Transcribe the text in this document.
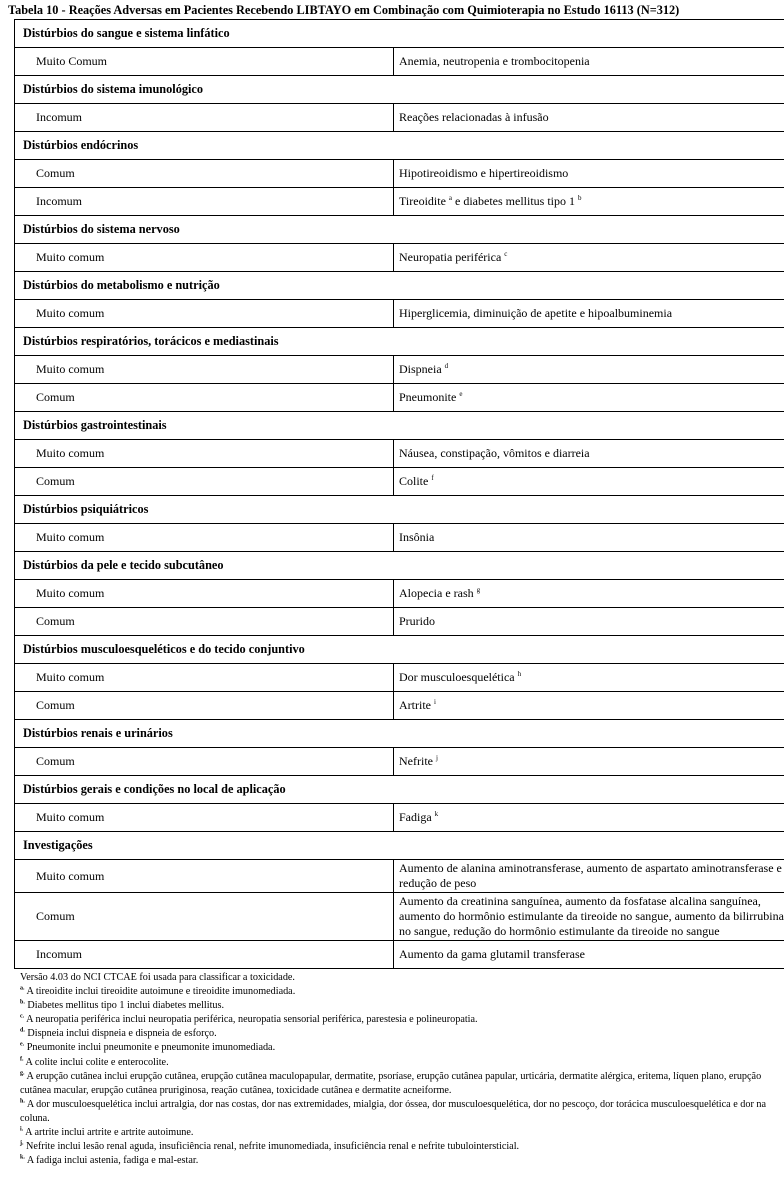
Tabela 10 - Reações Adversas em Pacientes Recebendo LIBTAYO em Combinação com Quimioterapia no Estudo 16113 (N=312)
Distúrbios do sangue e sistema linfático	
Muito Comum	Anemia, neutropenia e trombocitopenia
Distúrbios do sistema imunológico	
Incomum	Reações relacionadas à infusão
Distúrbios endócrinos	
Comum	Hipotireoidismo e hipertireoidismo
Incomum	Tireoidite $^a$ e diabetes mellitus tipo 1 $^b$
Distúrbios do sistema nervoso	
Muito comum	Neuropatia periférica $^c$
Distúrbios do metabolismo e nutrição	
Muito comum	Hiperglicemia, diminuição de apetite e hipoalbuminemia
Distúrbios respiratórios, torácicos e mediastinais	
Muito comum	Dispneia $^d$
Comum	Pneumonite $^e$
Distúrbios gastrointestinais	
Muito comum	Náusea, constipação, vômitos e diarreia
Comum	Colite $^f$
Distúrbios psiquiátricos	
Muito comum	Insônia
Distúrbios da pele e tecido subcutâneo	
Muito comum	Alopecia e rash $^g$
Comum	Prurido
Distúrbios musculoesqueléticos e do tecido conjuntivo	
Muito comum	Dor musculoesquelética $^h$
Comum	Artrite $^i$
Distúrbios renais e urinários	
Comum	Nefrite $^j$
Distúrbios gerais e condições no local de aplicação	
Muito comum	Fadiga $^k$
Investigações	
Muito comum	Aumento de alanina aminotransferase, aumento de aspartato aminotransferase e redução de peso
Comum	Aumento da creatinina sanguínea, aumento da fosfatase alcalina sanguínea, aumento do hormônio estimulante da tireoide no sangue, aumento da bilirrubina no sangue, redução do hormônio estimulante da tireoide no sangue
Incomum	Aumento da gama glutamil transferase
Versão 4.03 do NCI CTCAE foi usada para classificar a toxicidade.
$^{a.}$ A tireoidite inclui tireoidite autoimune e tireoidite imunomediada.
$^{b.}$ Diabetes mellitus tipo 1 inclui diabetes mellitus.
$^{c.}$ A neuropatia periférica inclui neuropatia periférica, neuropatia sensorial periférica, parestesia e polineuropatia.
$^{d.}$ Dispneia inclui dispneia e dispneia de esforço.
$^{e.}$ Pneumonite inclui pneumonite e pneumonite imunomediada.
$^{f.}$ A colite inclui colite e enterocolite.
$^{g.}$ A erupção cutânea inclui erupção cutânea, erupção cutânea maculopapular, dermatite, psoríase, erupção cutânea papular, urticária, dermatite alérgica, eritema, líquen plano, erupção cutânea macular, erupção cutânea pruriginosa, reação cutânea, toxicidade cutânea e dermatite acneiforme.
$^{h.}$ A dor musculoesquelética inclui artralgia, dor nas costas, dor nas extremidades, mialgia, dor óssea, dor musculoesquelética, dor no pescoço, dor torácica musculoesquelética e dor na coluna.
$^{i.}$ A artrite inclui artrite e artrite autoimune.
$^{j.}$ Nefrite inclui lesão renal aguda, insuficiência renal, nefrite imunomediada, insuficiência renal e nefrite tubulointersticial.
$^{k.}$ A fadiga inclui astenia, fadiga e mal-estar.
